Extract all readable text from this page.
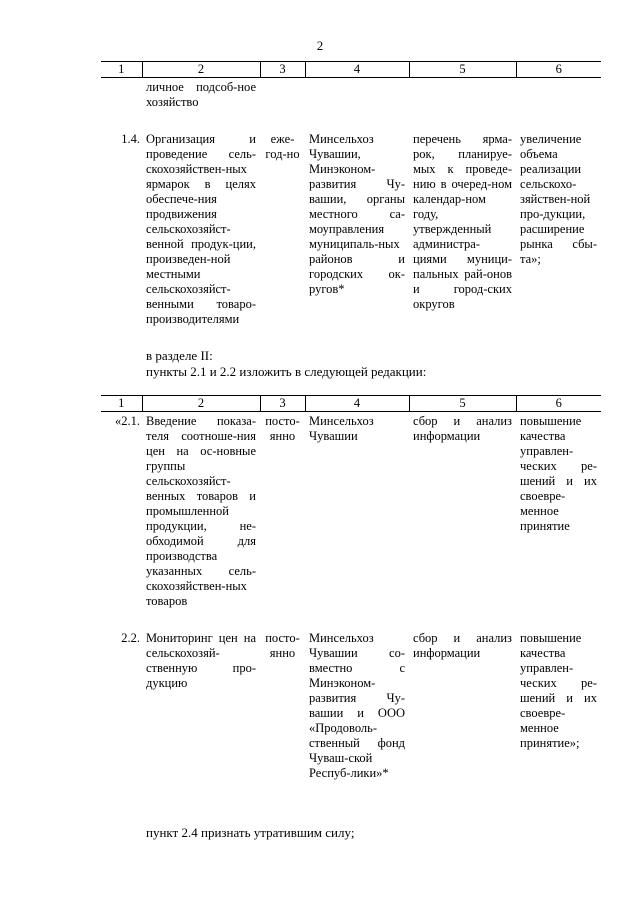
2
1	2	3	4	5	6
	личное подсоб-ное хозяйство				

1.4.	Организация и проведение сель-скохозяйствен-ных ярмарок в целях обеспече-ния продвижения сельскохозяйст-венной продук-ции, произведен-ной местными сельскохозяйст-венными товаро-производителями	еже-год-но	Минсельхоз Чувашии, Минэконом-развития Чу-вашии, органы местного са-моуправления муниципаль-ных районов и городских ок-ругов*	перечень ярма-рок, планируе-мых к проведе-нию в очеред-ном календар-ном году, утвержденный администра-циями муници-пальных рай-онов и город-ских округов	увеличение объема реализации сельскохо-зяйствен-ной про-дукции, расширение рынка сбы-та»;
в разделе II:
пункты 2.1 и 2.2 изложить в следующей редакции:
1	2	3	4	5	6
«2.1.	Введение показа-теля соотноше-ния цен на ос-новные группы сельскохозяйст-венных товаров и промышленной продукции, не-обходимой для производства указанных сель-скохозяйствен-ных товаров	посто-янно	Минсельхоз Чувашии	сбор и анализ информации	повышение качества управлен-ческих ре-шений и их своевре-менное принятие

2.2.	Мониторинг цен на сельскохозяй-ственную про-дукцию	посто-янно	Минсельхоз Чувашии со-вместно с Минэконом-развития Чу-вашии и ООО «Продоволь-ственный фонд Чуваш-ской Респуб-лики»*	сбор и анализ информации	повышение качества управлен-ческих ре-шений и их своевре-менное принятие»;
пункт 2.4 признать утратившим силу;
